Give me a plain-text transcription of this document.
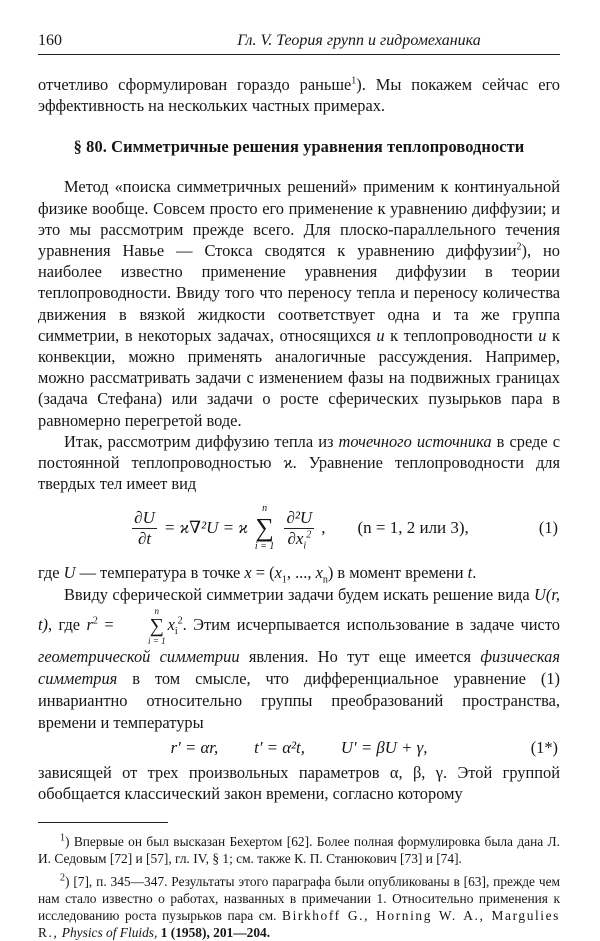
160	Гл. V. Теория групп и гидромеханика

отчетливо сформулирован гораздо раньше$^1$). Мы покажем сейчас его эффективность на нескольких частных примерах.

§ 80. Симметричные решения уравнения теплопроводности

Метод «поиска симметричных решений» применим к континуальной физике вообще. Совсем просто его применение к уравнению диффузии; и это мы рассмотрим прежде всего. Для плоско-параллельного течения уравнения Навье — Стокса сводятся к уравнению диффузии$^2$), но наиболее известно применение уравнения диффузии в теории теплопроводности. Ввиду того что переносу тепла и переносу количества движения в вязкой жидкости соответствует одна и та же группа симметрии, в некоторых задачах, относящихся и к теплопроводности и к конвекции, можно применять аналогичные рассуждения. Например, можно рассматривать задачи с изменением фазы на подвижных границах (задача Стефана) или задачи о росте сферических пузырьков пара в равномерно перегретой воде.

Итак, рассмотрим диффузию тепла из точечного источника в среде с постоянной теплопроводностью ϰ. Уравнение теплопроводности для твердых тел имеет вид

$\frac{\partial U}{\partial t} = ϰ\nabla^2U = ϰ$
n
∑
$i = 1 \frac{\text{∂²U}}{\partial x_i^2}$ , (n = 1, 2 или 3),	(1)

где U — температура в точке $x = (x_1$, ..., $x_n$) в момент времени t.

Ввиду сферической симметрии задачи будем искать решение вида U(r, t), где $r^2$ =
n
∑
i = 1
$x_i^2$. Этим исчерпывается использование в задаче чисто геометрической симметрии явления. Но тут еще имеется физическая симметрия в том смысле, что дифференциальное уравнение (1) инвариантно относительно группы преобразований пространства, времени и температуры

r′ = αr, t′ = α²t, U′ = βU + γ,	(1*)

зависящей от трех произвольных параметров α, β, γ. Этой группой обобщается классический закон времени, согласно которому

$^1$) Впервые он был высказан Бехертом [62]. Более полная формулировка была дана Л. И. Седовым [72] и [57], гл. IV, § 1; см. также К. П. Станюкович [73] и [74].

$^2$) [7], п. 345—347. Результаты этого параграфа были опубликованы в [63], прежде чем нам стало известно о работах, названных в примечании 1. Относительно применения к исследованию роста пузырьков пара см. Birkhoff G., Horning W. A., Margulies R., Physics of Fluids, 1 (1958), 201—204.
